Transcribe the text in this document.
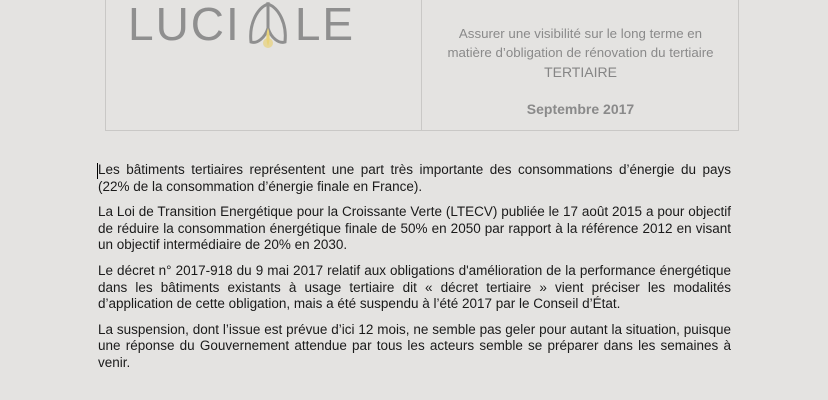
LUCI LE	Assurer une visibilité sur le long terme en
matière d’obligation de rénovation du tertiaire
TERTIAIRE
Septembre 2017

Les bâtiments tertiaires représentent une part très importante des consommations d’énergie du pays (22% de la consommation d’énergie finale en France).

La Loi de Transition Energétique pour la Croissante Verte (LTECV) publiée le 17 août 2015 a pour objectif de réduire la consommation énergétique finale de 50% en 2050 par rapport à la référence 2012 en visant un objectif intermédiaire de 20% en 2030.

Le décret n° 2017-918 du 9 mai 2017 relatif aux obligations d'amélioration de la performance énergétique dans les bâtiments existants à usage tertiaire dit « décret tertiaire » vient préciser les modalités d’application de cette obligation, mais a été suspendu à l’été 2017 par le Conseil d’État.

La suspension, dont l’issue est prévue d’ici 12 mois, ne semble pas geler pour autant la situation, puisque une réponse du Gouvernement attendue par tous les acteurs semble se préparer dans les semaines à venir.
